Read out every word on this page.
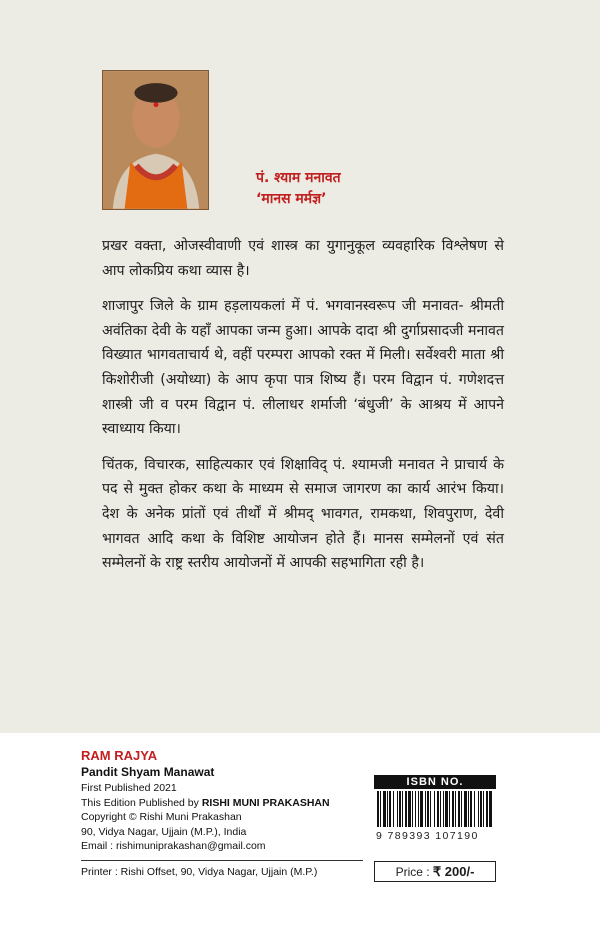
पं. श्याम मनावत
‘मानस मर्मज्ञ’

प्रखर वक्ता, ओजस्वीवाणी एवं शास्त्र का युगानुकूल व्यवहारिक विश्लेषण से आप लोकप्रिय कथा व्यास है।

शाजापुर जिले के ग्राम हड़लायकलां में पं. भगवानस्वरूप जी मनावत- श्रीमती अवंतिका देवी के यहाँ आपका जन्म हुआ। आपके दादा श्री दुर्गाप्रसादजी मनावत विख्यात भागवताचार्य थे, वहीं परम्परा आपको रक्त में मिली। सर्वेश्वरी माता श्री किशोरीजी (अयोध्या) के आप कृपा पात्र शिष्य हैं। परम विद्वान पं. गणेशदत्त शास्त्री जी व परम विद्वान पं. लीलाधर शर्माजी ‘बंधुजी’ के आश्रय में आपने स्वाध्याय किया।

चिंतक, विचारक, साहित्यकार एवं शिक्षाविद् पं. श्यामजी मनावत ने प्राचार्य के पद से मुक्त होकर कथा के माध्यम से समाज जागरण का कार्य आरंभ किया। देश के अनेक प्रांतों एवं तीर्थों में श्रीमद् भावगत, रामकथा, शिवपुराण, देवी भागवत आदि कथा के विशिष्ट आयोजन होते हैं। मानस सम्मेलनों एवं संत सम्मेलनों के राष्ट्र स्तरीय आयोजनों में आपकी सहभागिता रही है।

RAM RAJYA
Pandit Shyam Manawat
First Published 2021
This Edition Published by RISHI MUNI PRAKASHAN
Copyright © Rishi Muni Prakashan
90, Vidya Nagar, Ujjain (M.P.), India
Email : rishimuniprakashan@gmail.com
Printer : Rishi Offset, 90, Vidya Nagar, Ujjain (M.P.)
ISBN NO.
9 789393 107190
Price : ₹ 200/-
